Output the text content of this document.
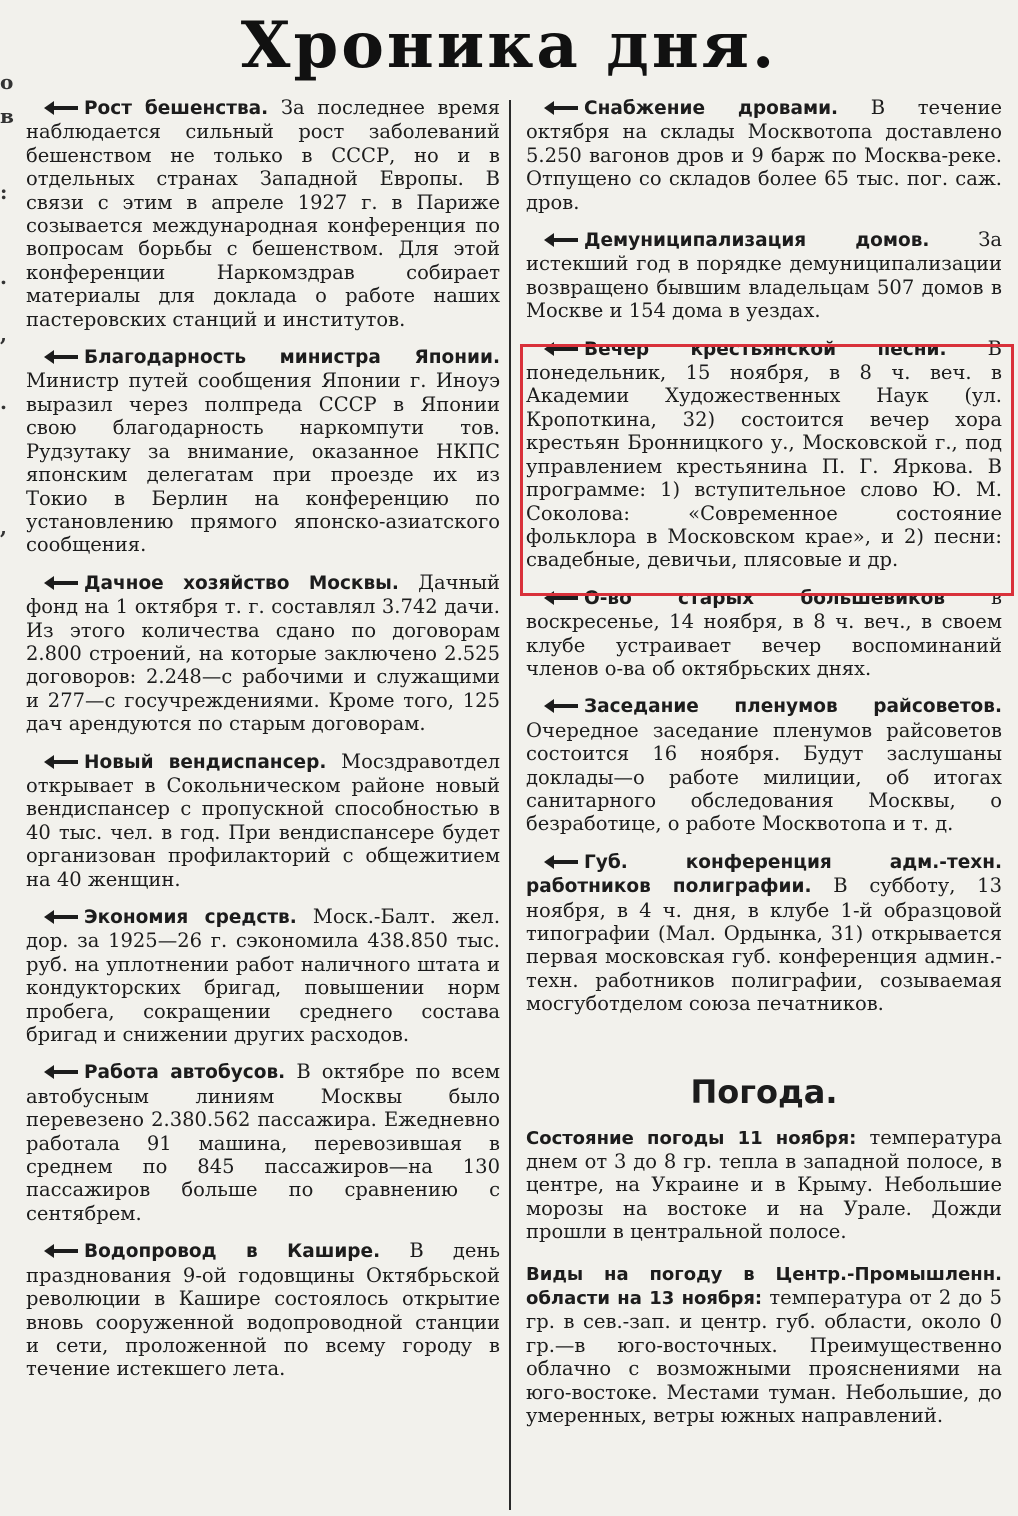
Хроника дня.
о
в
:
.
,
.
,

Рост бешенства. За последнее время наблюдается сильный рост заболеваний бешенством не только в СССР, но и в отдельных странах Западной Европы. В связи с этим в апреле 1927 г. в Париже созывается международная конференция по вопросам борьбы с бешенством. Для этой конференции Наркомздрав собирает материалы для доклада о работе наших пастеровских станций и институтов.

Благодарность министра Японии. Министр путей сообщения Японии г. Иноуэ выразил через полпреда СССР в Японии свою благодарность наркомпути тов. Рудзутаку за внимание, оказанное НКПС японским делегатам при проезде их из Токио в Берлин на конференцию по установлению прямого японско-азиатского сообщения.

Дачное хозяйство Москвы. Дачный фонд на 1 октября т. г. составлял 3.742 дачи. Из этого количества сдано по договорам 2.800 строений, на которые заключено 2.525 договоров: 2.248—с рабочими и служащими и 277—с госучреждениями. Кроме того, 125 дач арендуются по старым договорам.

Новый вендиспансер. Мосздравотдел открывает в Сокольническом районе новый вендиспансер с пропускной способностью в 40 тыс. чел. в год. При вендиспансере будет организован профилакторий с общежитием на 40 женщин.

Экономия средств. Моск.-Балт. жел. дор. за 1925—26 г. сэкономила 438.850 тыс. руб. на уплотнении работ наличного штата и кондукторских бригад, повышении норм пробега, сокращении среднего состава бригад и снижении других расходов.

Работа автобусов. В октябре по всем автобусным линиям Москвы было перевезено 2.380.562 пассажира. Ежедневно работала 91 машина, перевозившая в среднем по 845 пассажиров—на 130 пассажиров больше по сравнению с сентябрем.

Водопровод в Кашире. В день празднования 9-ой годовщины Октябрьской революции в Кашире состоялось открытие вновь сооруженной водопроводной станции и сети, проложенной по всему городу в течение истекшего лета.

Снабжение дровами. В течение октября на склады Москвотопа доставлено 5.250 вагонов дров и 9 барж по Москва-реке. Отпущено со складов более 65 тыс. пог. саж. дров.

Демуниципализация домов.	За истекший год в порядке демуниципализации возвращено бывшим владельцам 507 домов в Москве и 154 дома в уездах.

Вечер крестьянской песни. В понедельник, 15 ноября, в 8 ч. веч. в Академии Художественных Наук (ул. Кропоткина, 32) состоится вечер хора крестьян Бронницкого у., Московской г., под управлением крестьянина П. Г. Яркова. В программе: 1) вступительное слово Ю. М. Соколова: «Современное состояние фольклора в Московском крае», и 2) песни: свадебные, девичьи, плясовые и др.

О-во старых большевиков в воскресенье, 14 ноября, в 8 ч. веч., в своем клубе устраивает вечер воспоминаний членов о-ва об октябрьских днях.

Заседание пленумов райсоветов. Очередное заседание пленумов райсоветов состоится 16 ноября. Будут заслушаны доклады—о работе милиции, об итогах санитарного обследования Москвы, о безработице, о работе Москвотопа и т. д.

Губ. конференция адм.-техн. работников полиграфии. В субботу, 13 ноября, в 4 ч. дня, в клубе 1-й образцовой типографии (Мал. Ордынка, 31) открывается первая московская губ. конференция админ.-техн. работников полиграфии, созываемая мосгуботделом союза печатников.

Погода.

Состояние погоды 11 ноября: температура днем от 3 до 8 гр. тепла в западной полосе, в центре, на Украине и в Крыму. Небольшие морозы на востоке и на Урале. Дожди прошли в центральной полосе.

Виды на погоду в Центр.-Промышленн. области на 13 ноября: температура от 2 до 5 гр. в сев.-зап. и центр. губ. области, около 0 гр.—в юго-восточных. Преимущественно облачно с возможными прояснениями на юго-востоке. Местами туман. Небольшие, до умеренных, ветры южных направлений.
